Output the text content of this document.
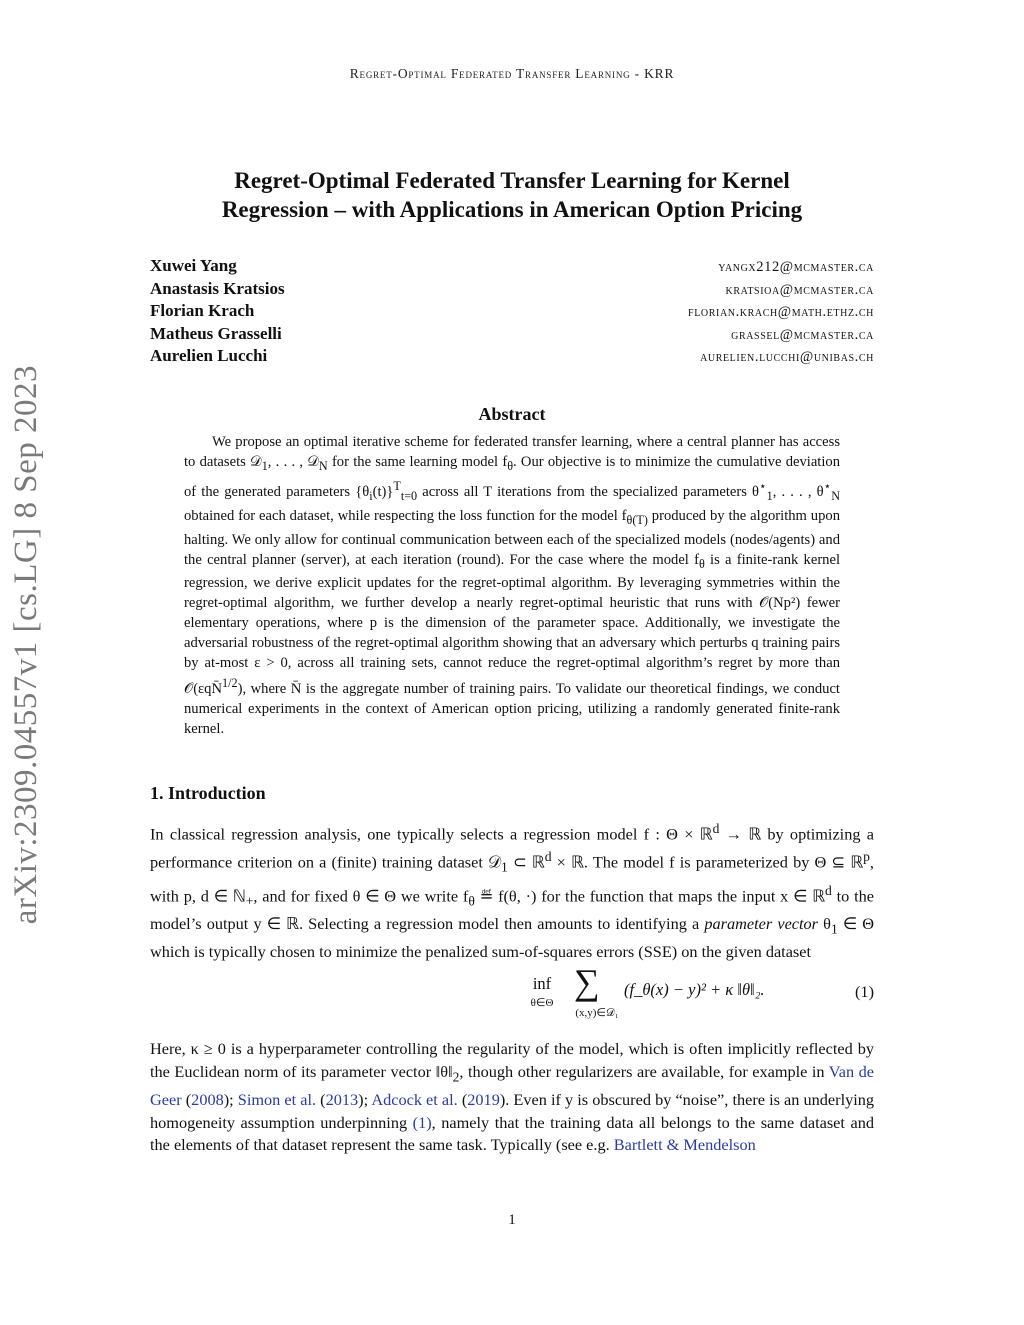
Regret-Optimal Federated Transfer Learning - KRR
Regret-Optimal Federated Transfer Learning for Kernel
Regression – with Applications in American Option Pricing
Xuwei Yang	yangx212@mcmaster.ca
Anastasis Kratsios	kratsioa@mcmaster.ca
Florian Krach	florian.krach@math.ethz.ch
Matheus Grasselli	grassel@mcmaster.ca
Aurelien Lucchi	aurelien.lucchi@unibas.ch
Abstract
We propose an optimal iterative scheme for federated transfer learning, where a central planner has access to datasets 𝒟$_1$, . . . , 𝒟$_N$ for the same learning model $f_\theta$. Our objective is to minimize the cumulative deviation of the generated parameters $\{\theta_i(t)\}^T_{t=0}$ across all T iterations from the specialized parameters $\theta^⋆_1$, . . . , $\theta^⋆_N$ obtained for each dataset, while respecting the loss function for the model $f_{\theta(T)}$ produced by the algorithm upon halting. We only allow for continual communication between each of the specialized models (nodes/agents) and the central planner (server), at each iteration (round). For the case where the model $f_\theta$ is a finite-rank kernel regression, we derive explicit updates for the regret-optimal algorithm. By leveraging symmetries within the regret-optimal algorithm, we further develop a nearly regret-optimal heuristic that runs with 𝒪(Np²) fewer elementary operations, where p is the dimension of the parameter space. Additionally, we investigate the adversarial robustness of the regret-optimal algorithm showing that an adversary which perturbs q training pairs by at-most ε > 0, across all training sets, cannot reduce the regret-optimal algorithm’s regret by more than 𝒪(εqN̄$^{1/2}$), where N̄ is the aggregate number of training pairs. To validate our theoretical findings, we conduct numerical experiments in the context of American option pricing, utilizing a randomly generated finite-rank kernel.
1. Introduction
In classical regression analysis, one typically selects a regression model f : Θ × ℝ$^d$ → ℝ by optimizing a performance criterion on a (finite) training dataset 𝒟$_1$ ⊂ ℝ$^d$ × ℝ. The model f is parameterized by Θ ⊆ ℝ$^p$, with p, d ∈ ℕ$_+$, and for fixed θ ∈ Θ we write $f_\theta$ ≝ f(θ, ·) for the function that maps the input x ∈ ℝ$^d$ to the model’s output y ∈ ℝ. Selecting a regression model then amounts to identifying a parameter vector $\theta_1$ ∈ Θ which is typically chosen to minimize the penalized sum-of-squares errors (SSE) on the given dataset
inf
θ∈Θ
∑
(x,y)∈𝒟₁
(f_θ(x) − y)² + κ ‖θ‖₂.	(1)
Here, κ ≥ 0 is a hyperparameter controlling the regularity of the model, which is often implicitly reflected by the Euclidean norm of its parameter vector $‖\theta‖_2$, though other regularizers are available, for example in Van de Geer (2008); Simon et al. (2013); Adcock et al. (2019). Even if y is obscured by “noise”, there is an underlying homogeneity assumption underpinning (1), namely that the training data all belongs to the same dataset and the elements of that dataset represent the same task. Typically (see e.g. Bartlett & Mendelson
arXiv:2309.04557v1 [cs.LG] 8 Sep 2023
1
